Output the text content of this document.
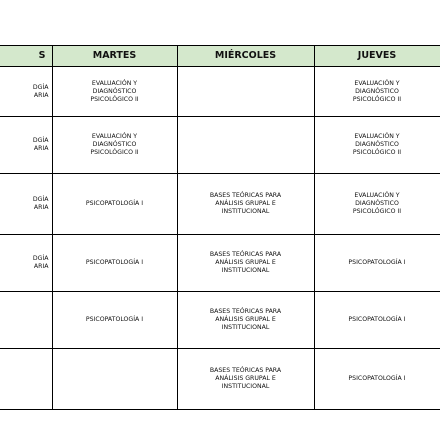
S	MARTES	MIÉRCOLES	JUEVES
DGÍA
ARIA	EVALUACIÓN Y
DIAGNÓSTICO
PSICOLÓGICO II		EVALUACIÓN Y
DIAGNÓSTICO
PSICOLÓGICO II
DGÍA
ARIA	EVALUACIÓN Y
DIAGNÓSTICO
PSICOLÓGICO II		EVALUACIÓN Y
DIAGNÓSTICO
PSICOLÓGICO II
DGÍA
ARIA	PSICOPATOLOGÍA I	BASES TEÓRICAS PARA
ANÁLISIS GRUPAL E
INSTITUCIONAL	EVALUACIÓN Y
DIAGNÓSTICO
PSICOLÓGICO II
DGÍA
ARIA	PSICOPATOLOGÍA I	BASES TEÓRICAS PARA
ANÁLISIS GRUPAL E
INSTITUCIONAL	PSICOPATOLOGÍA I
	PSICOPATOLOGÍA I	BASES TEÓRICAS PARA
ANÁLISIS GRUPAL E
INSTITUCIONAL	PSICOPATOLOGÍA I
		BASES TEÓRICAS PARA
ANÁLISIS GRUPAL E
INSTITUCIONAL	PSICOPATOLOGÍA I
